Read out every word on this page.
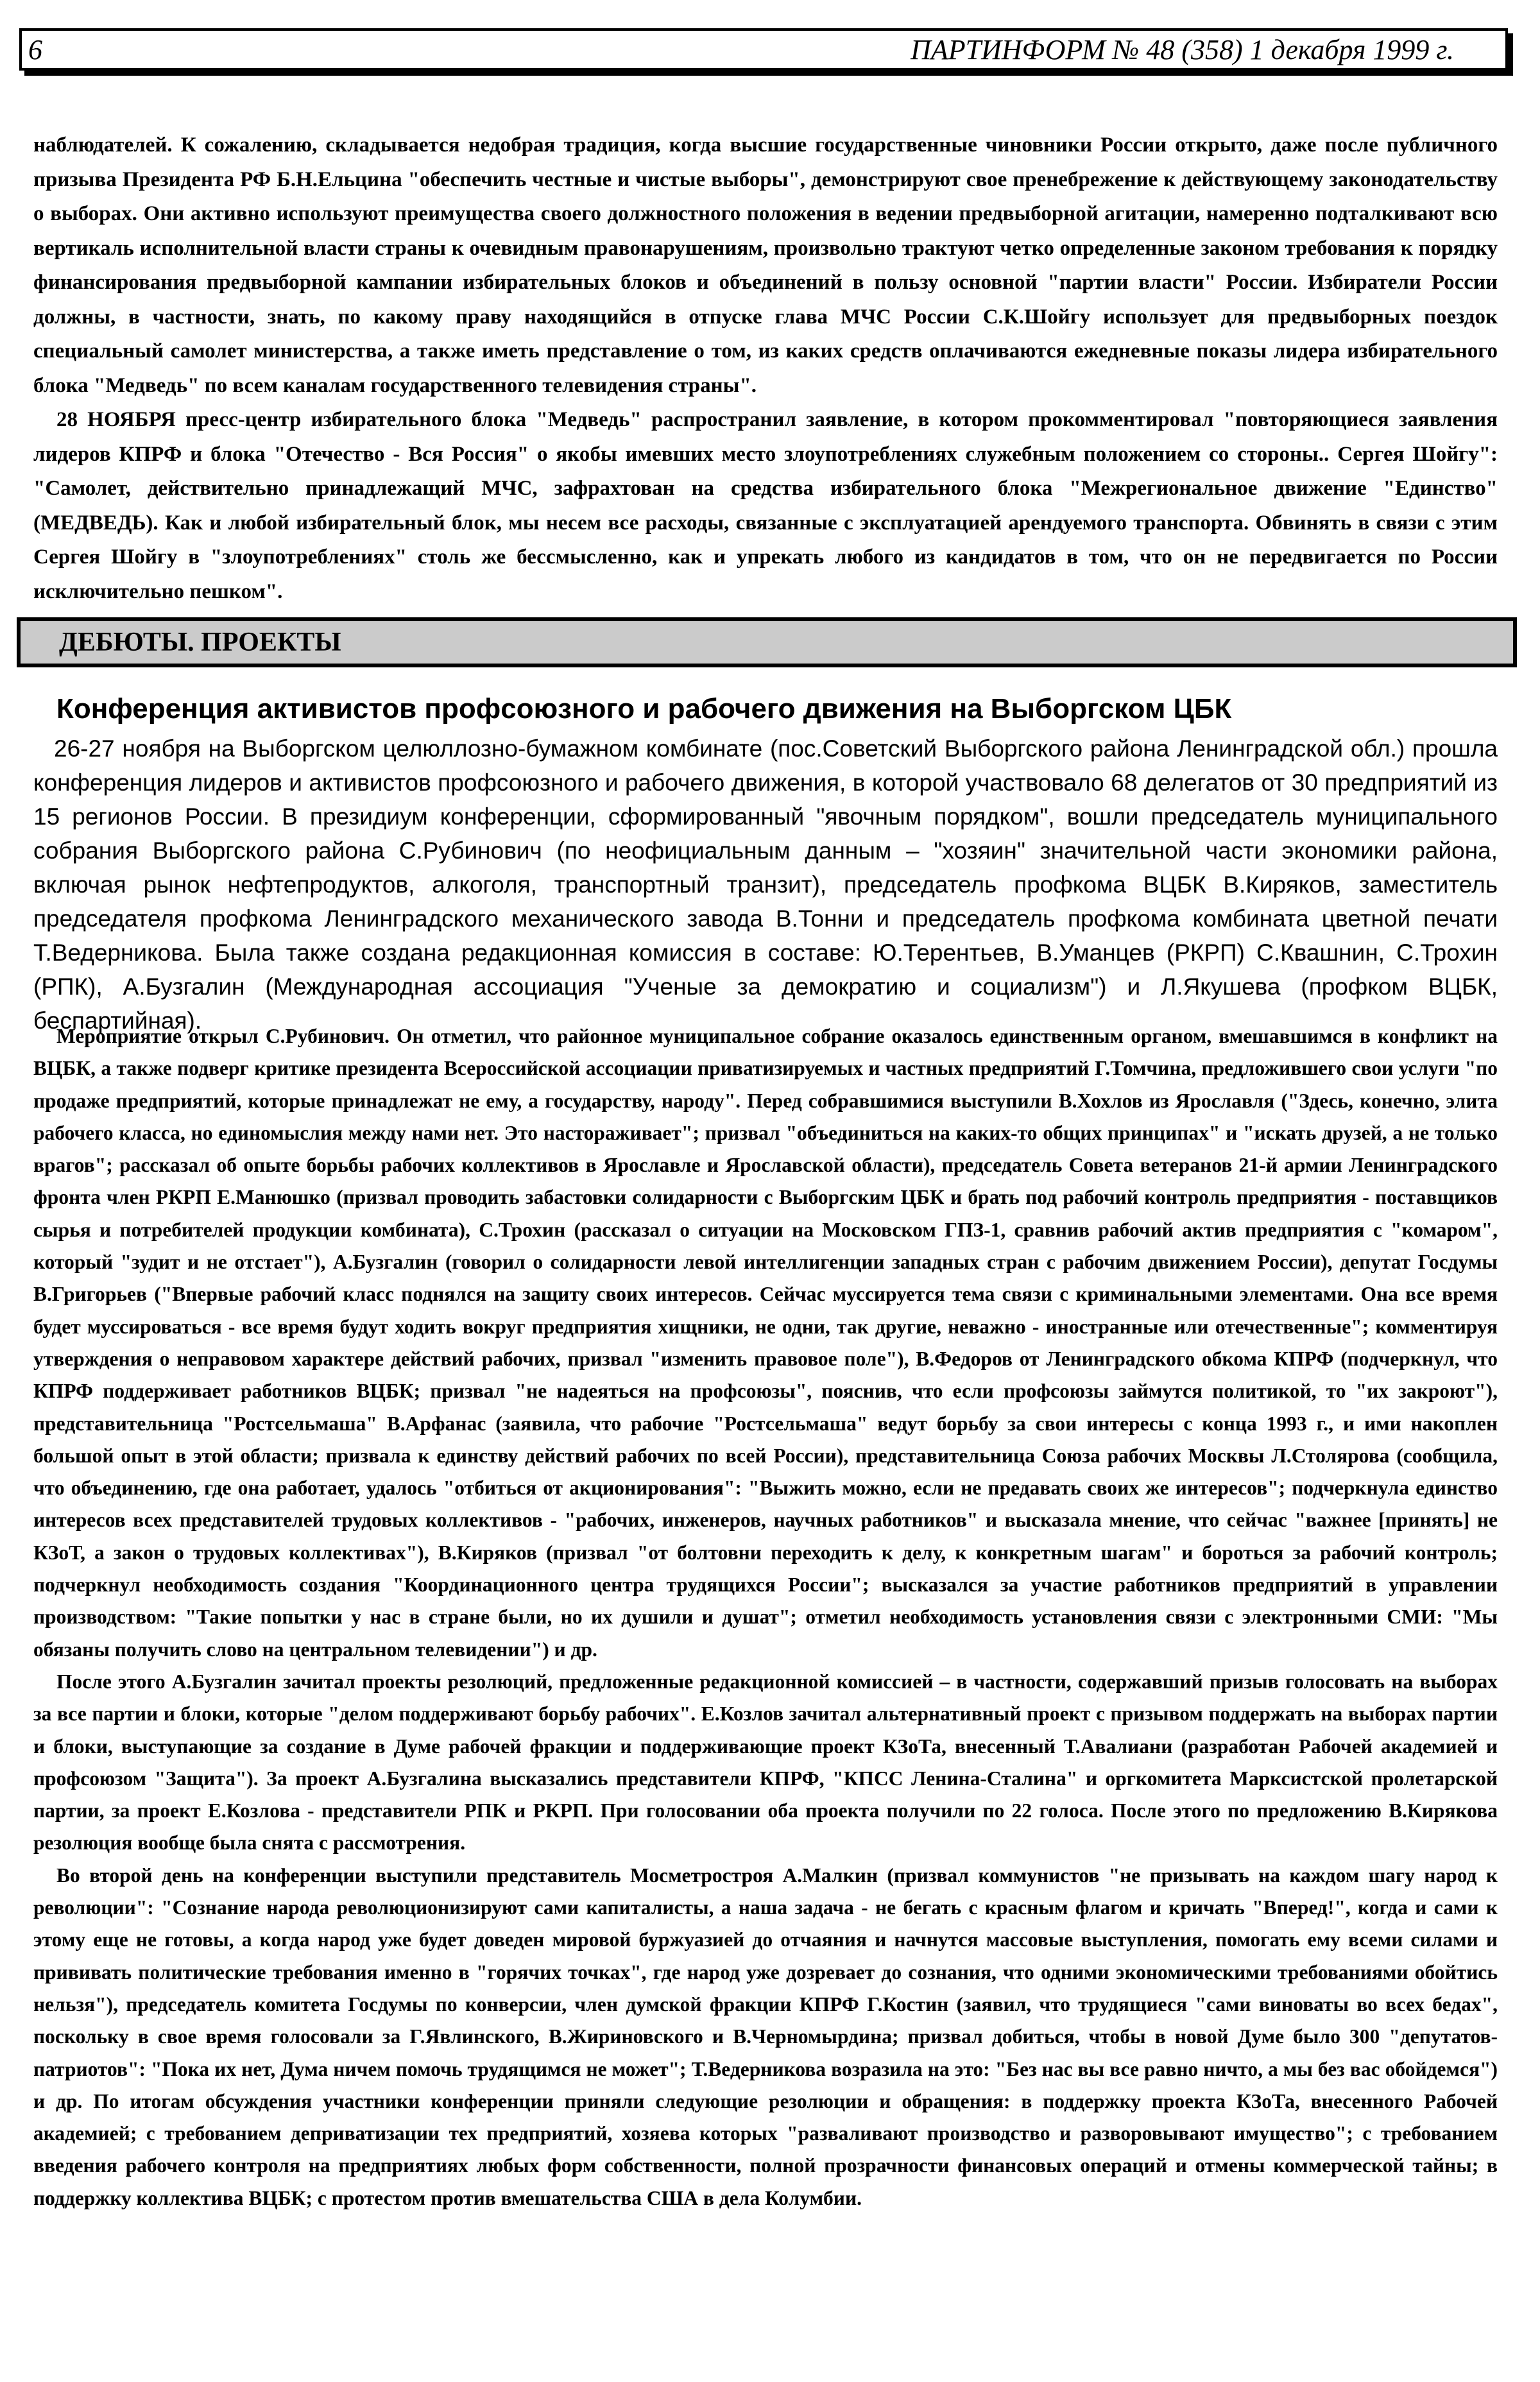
6	ПАРТИНФОРМ № 48 (358) 1 декабря 1999 г.

наблюдателей. К сожалению, складывается недобрая традиция, когда высшие государственные чиновники России открыто, даже после публичного призыва Президента РФ Б.Н.Ельцина "обеспечить честные и чистые выборы", демонстрируют свое пренебрежение к действующему законодательству о выборах. Они активно используют преимущества своего должностного положения в ведении предвыборной агитации, намеренно подталкивают всю вертикаль исполнительной власти страны к очевидным правонарушениям, произвольно трактуют четко определенные законом требования к порядку финансирования предвыборной кампании избирательных блоков и объединений в пользу основной "партии власти" России. Избиратели России должны, в частности, знать, по какому праву находящийся в отпуске глава МЧС России С.К.Шойгу использует для предвыборных поездок специальный самолет министерства, а также иметь представление о том, из каких средств оплачиваются ежедневные показы лидера избирательного блока "Медведь" по всем каналам государственного телевидения страны".

28 НОЯБРЯ пресс-центр избирательного блока "Медведь" распространил заявление, в котором прокомментировал "повторяющиеся заявления лидеров КПРФ и блока "Отечество - Вся Россия" о якобы имевших место злоупотреблениях служебным положением со стороны.. Сергея Шойгу": "Самолет, действительно принадлежащий МЧС, зафрахтован на средства избирательного блока "Межрегиональное движение "Единство" (МЕДВЕДЬ). Как и любой избирательный блок, мы несем все расходы, связанные с эксплуатацией арендуемого транспорта. Обвинять в связи с этим Сергея Шойгу в "злоупотреблениях" столь же бессмысленно, как и упрекать любого из кандидатов в том, что он не передвигается по России исключительно пешком".

ДЕБЮТЫ. ПРОЕКТЫ
Конференция активистов профсоюзного и рабочего движения на Выборгском ЦБК

26-27 ноября на Выборгском целюллозно-бумажном комбинате (пос.Советский Выборгского района Ленинградской обл.) прошла конференция лидеров и активистов профсоюзного и рабочего движения, в которой участвовало 68 делегатов от 30 предприятий из 15 регионов России. В президиум конференции, сформированный "явочным порядком", вошли председатель муниципального собрания Выборгского района С.Рубинович (по неофициальным данным – "хозяин" значительной части экономики района, включая рынок нефтепродуктов, алкоголя, транспортный транзит), председатель профкома ВЦБК В.Киряков, заместитель председателя профкома Ленинградского механического завода В.Тонни и председатель профкома комбината цветной печати Т.Ведерникова. Была также создана редакционная комиссия в составе: Ю.Терентьев, В.Уманцев (РКРП) С.Квашнин, С.Трохин (РПК), А.Бузгалин (Международная ассоциация "Ученые за демократию и социализм") и Л.Якушева (профком ВЦБК, беспартийная).

Мероприятие открыл С.Рубинович. Он отметил, что районное муниципальное собрание оказалось единственным органом, вмешавшимся в конфликт на ВЦБК, а также подверг критике президента Всероссийской ассоциации приватизируемых и частных предприятий Г.Томчина, предложившего свои услуги "по продаже предприятий, которые принадлежат не ему, а государству, народу". Перед собравшимися выступили В.Хохлов из Ярославля ("Здесь, конечно, элита рабочего класса, но единомыслия между нами нет. Это настораживает"; призвал "объединиться на каких-то общих принципах" и "искать друзей, а не только врагов"; рассказал об опыте борьбы рабочих коллективов в Ярославле и Ярославской области), председатель Совета ветеранов 21-й армии Ленинградского фронта член РКРП Е.Манюшко (призвал проводить забастовки солидарности с Выборгским ЦБК и брать под рабочий контроль предприятия - поставщиков сырья и потребителей продукции комбината), С.Трохин (рассказал о ситуации на Московском ГПЗ-1, сравнив рабочий актив предприятия с "комаром", который "зудит и не отстает"), А.Бузгалин (говорил о солидарности левой интеллигенции западных стран с рабочим движением России), депутат Госдумы В.Григорьев ("Впервые рабочий класс поднялся на защиту своих интересов. Сейчас муссируется тема связи с криминальными элементами. Она все время будет муссироваться - все время будут ходить вокруг предприятия хищники, не одни, так другие, неважно - иностранные или отечественные"; комментируя утверждения о неправовом характере действий рабочих, призвал "изменить правовое поле"), В.Федоров от Ленинградского обкома КПРФ (подчеркнул, что КПРФ поддерживает работников ВЦБК; призвал "не надеяться на профсоюзы", пояснив, что если профсоюзы займутся политикой, то "их закроют"), представительница "Ростсельмаша" В.Арфанас (заявила, что рабочие "Ростсельмаша" ведут борьбу за свои интересы с конца 1993 г., и ими накоплен большой опыт в этой области; призвала к единству действий рабочих по всей России), представительница Союза рабочих Москвы Л.Столярова (сообщила, что объединению, где она работает, удалось "отбиться от акционирования": "Выжить можно, если не предавать своих же интересов"; подчеркнула единство интересов всех представителей трудовых коллективов - "рабочих, инженеров, научных работников" и высказала мнение, что сейчас "важнее [принять] не КЗоТ, а закон о трудовых коллективах"), В.Киряков (призвал "от болтовни переходить к делу, к конкретным шагам" и бороться за рабочий контроль; подчеркнул необходимость создания "Координационного центра трудящихся России"; высказался за участие работников предприятий в управлении производством: "Такие попытки у нас в стране были, но их душили и душат"; отметил необходимость установления связи с электронными СМИ: "Мы обязаны получить слово на центральном телевидении") и др.

После этого А.Бузгалин зачитал проекты резолюций, предложенные редакционной комиссией – в частности, содержавший призыв голосовать на выборах за все партии и блоки, которые "делом поддерживают борьбу рабочих". Е.Козлов зачитал альтернативный проект с призывом поддержать на выборах партии и блоки, выступающие за создание в Думе рабочей фракции и поддерживающие проект КЗоТа, внесенный Т.Авалиани (разработан Рабочей академией и профсоюзом "Защита"). За проект А.Бузгалина высказались представители КПРФ, "КПСС Ленина-Сталина" и оргкомитета Марксистской пролетарской партии, за проект Е.Козлова - представители РПК и РКРП. При голосовании оба проекта получили по 22 голоса. После этого по предложению В.Кирякова резолюция вообще была снята с рассмотрения.

Во второй день на конференции выступили представитель Мосметростроя А.Малкин (призвал коммунистов "не призывать на каждом шагу народ к революции": "Сознание народа революционизируют сами капиталисты, а наша задача - не бегать с красным флагом и кричать "Вперед!", когда и сами к этому еще не готовы, а когда народ уже будет доведен мировой буржуазией до отчаяния и начнутся массовые выступления, помогать ему всеми силами и прививать политические требования именно в "горячих точках", где народ уже дозревает до сознания, что одними экономическими требованиями обойтись нельзя"), председатель комитета Госдумы по конверсии, член думской фракции КПРФ Г.Костин (заявил, что трудящиеся "сами виноваты во всех бедах", поскольку в свое время голосовали за Г.Явлинского, В.Жириновского и В.Черномырдина; призвал добиться, чтобы в новой Думе было 300 "депутатов-патриотов": "Пока их нет, Дума ничем помочь трудящимся не может"; Т.Ведерникова возразила на это: "Без нас вы все равно ничто, а мы без вас обойдемся") и др. По итогам обсуждения участники конференции приняли следующие резолюции и обращения: в поддержку проекта КЗоТа, внесенного Рабочей академией; с требованием деприватизации тех предприятий, хозяева которых "разваливают производство и разворовывают имущество"; с требованием введения рабочего контроля на предприятиях любых форм собственности, полной прозрачности финансовых операций и отмены коммерческой тайны; в поддержку коллектива ВЦБК; с протестом против вмешательства США в дела Колумбии.
